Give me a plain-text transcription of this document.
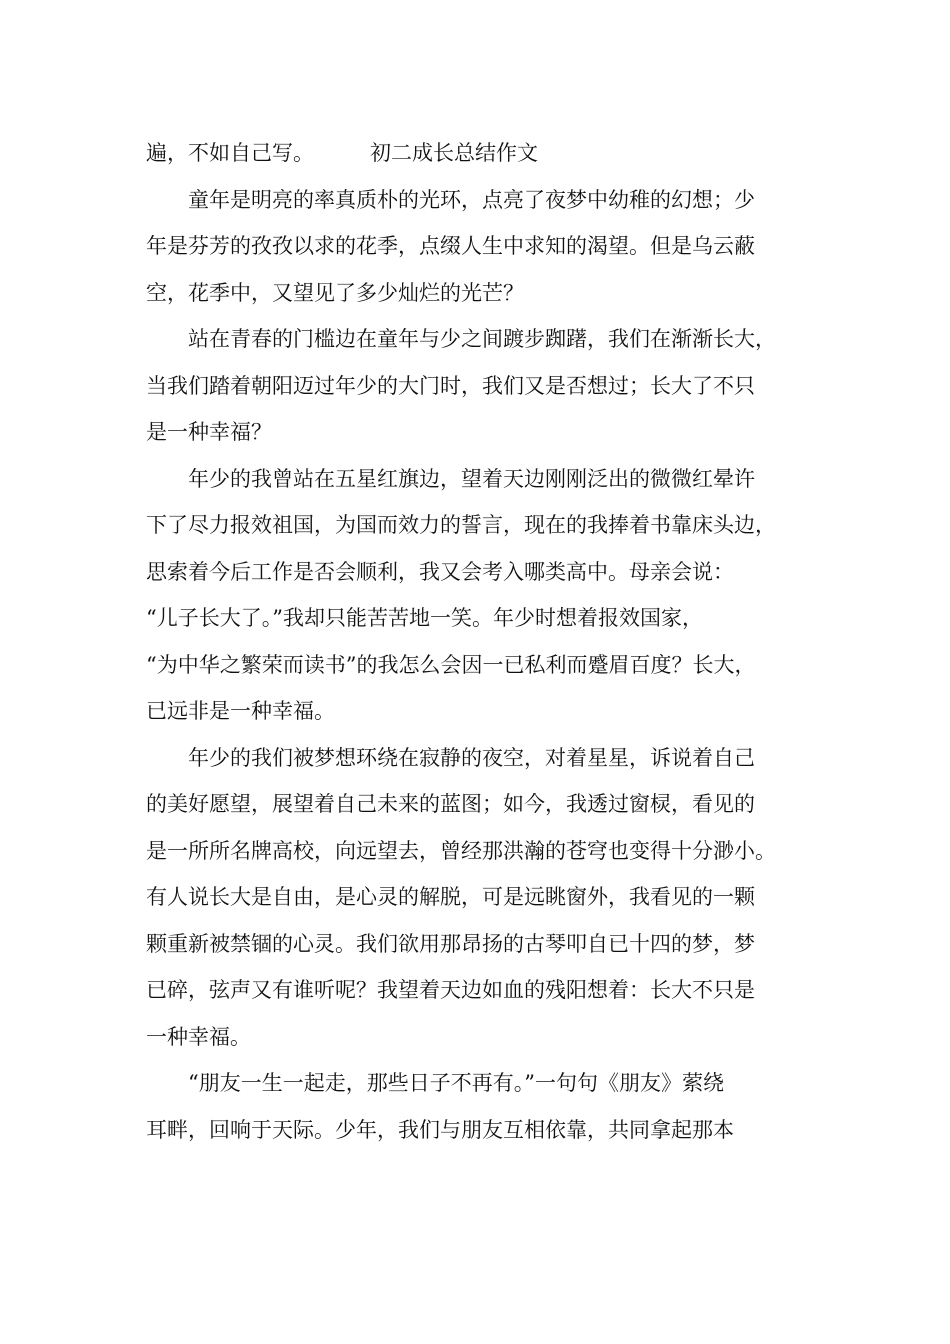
遍，不如自己写。	初二成长总结作文
童年是明亮的率真质朴的光环，点亮了夜梦中幼稚的幻想；少
年是芬芳的孜孜以求的花季，点缀人生中求知的渴望。但是乌云蔽
空，花季中，又望见了多少灿烂的光芒？
站在青春的门槛边在童年与少之间踱步踟躇，我们在渐渐长大，
当我们踏着朝阳迈过年少的大门时，我们又是否想过；长大了不只
是一种幸福？
年少的我曾站在五星红旗边，望着天边刚刚泛出的微微红晕许
下了尽力报效祖国，为国而效力的誓言，现在的我捧着书靠床头边，
思索着今后工作是否会顺利，我又会考入哪类高中。母亲会说：
“儿子长大了。”我却只能苦苦地一笑。年少时想着报效国家，
“为中华之繁荣而读书”的我怎么会因一已私利而蹙眉百度？长大，
已远非是一种幸福。
年少的我们被梦想环绕在寂静的夜空，对着星星，诉说着自己
的美好愿望，展望着自己未来的蓝图；如今，我透过窗棂，看见的
是一所所名牌高校，向远望去，曾经那洪瀚的苍穹也变得十分渺小。
有人说长大是自由，是心灵的解脱，可是远眺窗外，我看见的一颗
颗重新被禁锢的心灵。我们欲用那昂扬的古琴叩自已十四的梦，梦
已碎，弦声又有谁听呢？我望着天边如血的残阳想着：长大不只是
一种幸福。
“朋友一生一起走，那些日子不再有。”一句句《朋友》萦绕
耳畔，回响于天际。少年，我们与朋友互相依靠，共同拿起那本
